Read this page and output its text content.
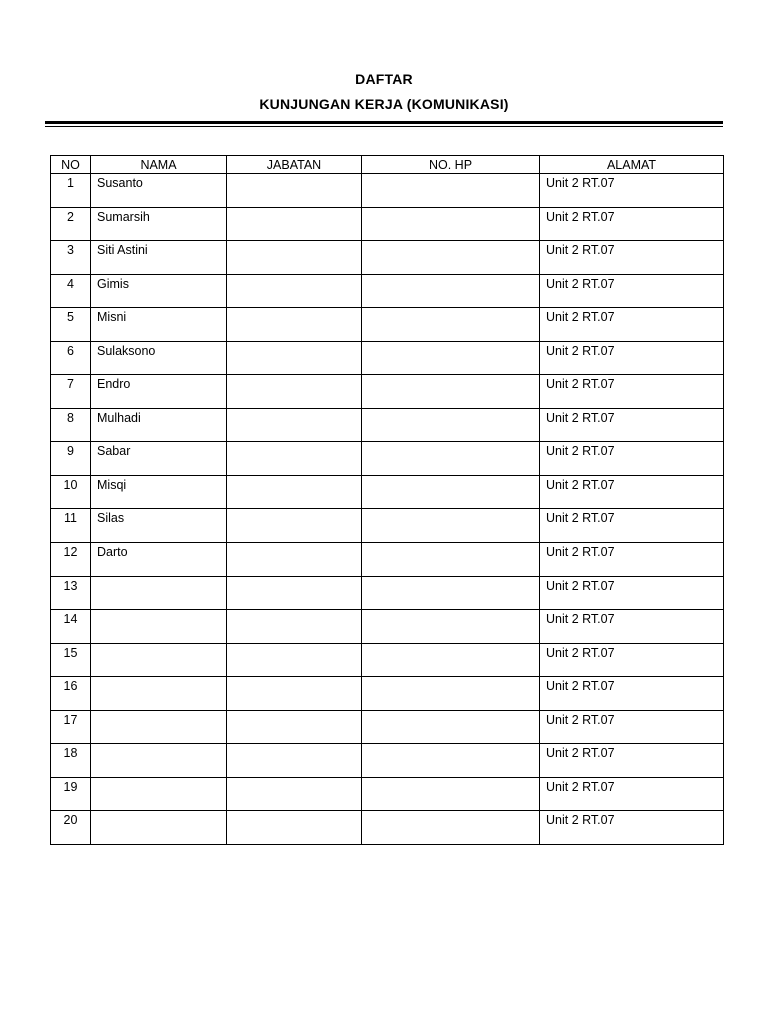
DAFTAR
KUNJUNGAN KERJA (KOMUNIKASI)
NO	NAMA	JABATAN	NO. HP	ALAMAT
1	Susanto			Unit 2 RT.07
2	Sumarsih			Unit 2 RT.07
3	Siti Astini			Unit 2 RT.07
4	Gimis			Unit 2 RT.07
5	Misni			Unit 2 RT.07
6	Sulaksono			Unit 2 RT.07
7	Endro			Unit 2 RT.07
8	Mulhadi			Unit 2 RT.07
9	Sabar			Unit 2 RT.07
10	Misqi			Unit 2 RT.07
11	Silas			Unit 2 RT.07
12	Darto			Unit 2 RT.07
13				Unit 2 RT.07
14				Unit 2 RT.07
15				Unit 2 RT.07
16				Unit 2 RT.07
17				Unit 2 RT.07
18				Unit 2 RT.07
19				Unit 2 RT.07
20				Unit 2 RT.07
